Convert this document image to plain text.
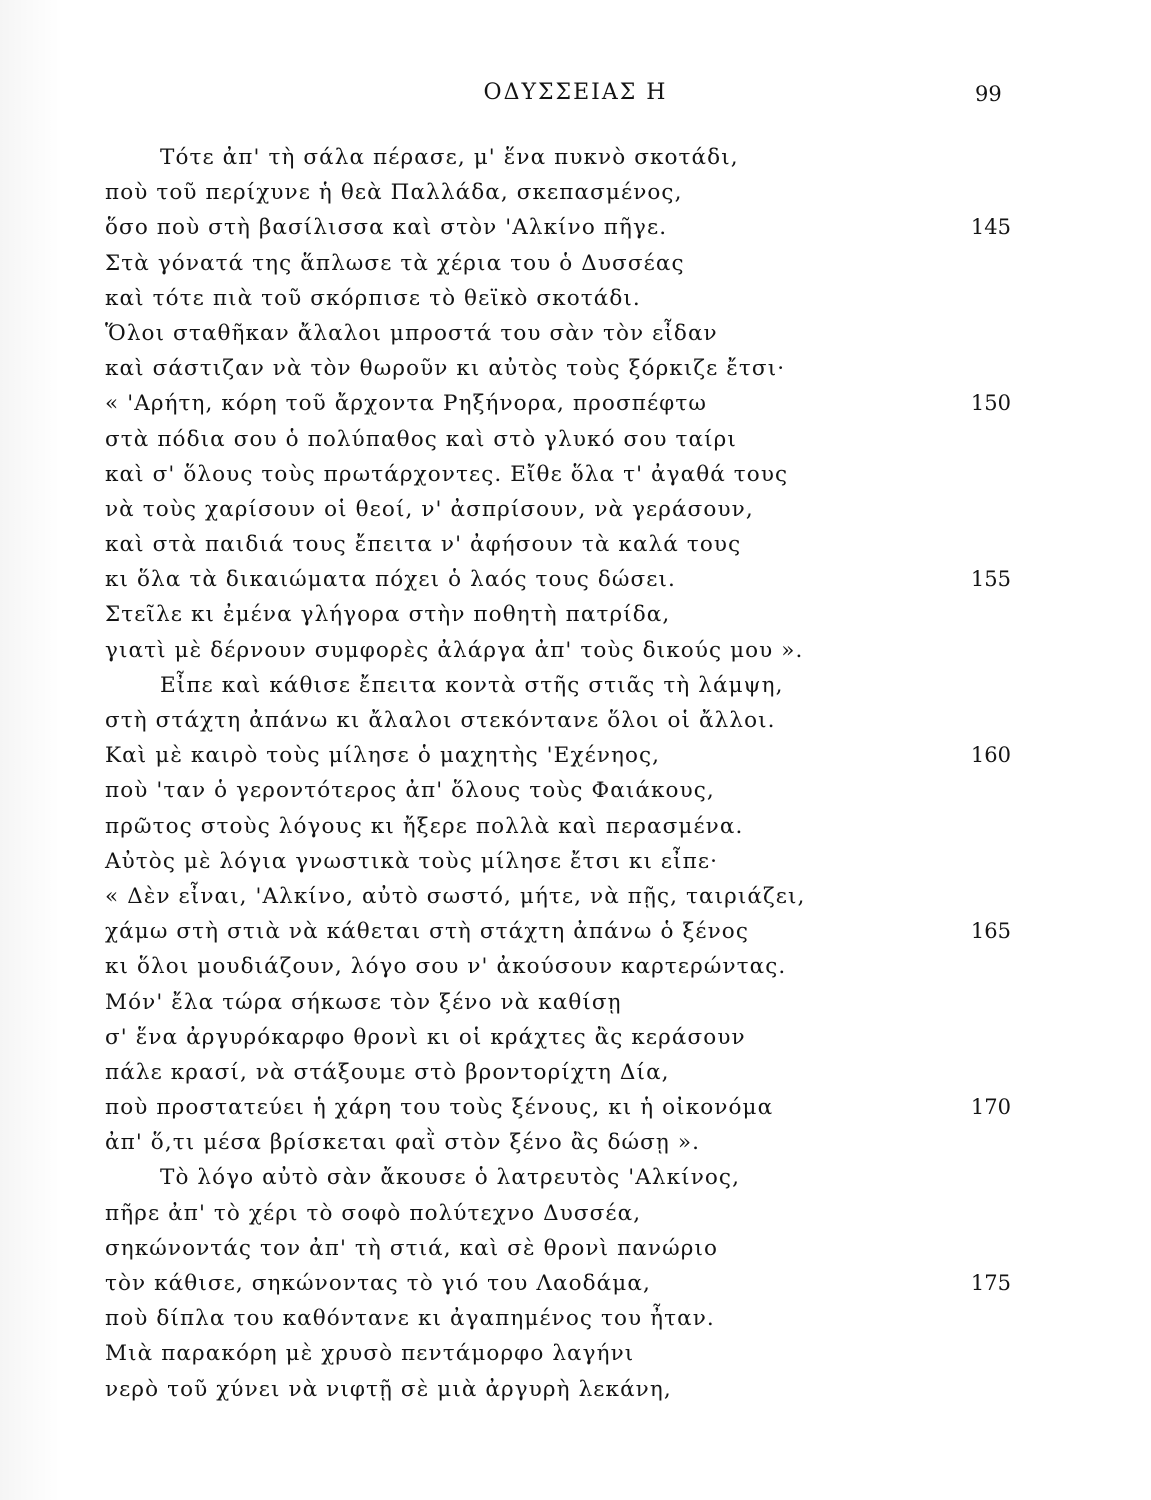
ΟΔΥΣΣΕΙΑΣ Η	99
Τότε ἀπ' τὴ σάλα πέρασε, μ' ἕνα πυκνὸ σκοτάδι,
ποὺ τοῦ περίχυνε ἡ θεὰ Παλλάδα, σκεπασμένος,
ὅσο ποὺ στὴ βασίλισσα καὶ στὸν 'Αλκίνο πῆγε.	145
Στὰ γόνατά της ἅπλωσε τὰ χέρια του ὁ Δυσσέας
καὶ τότε πιὰ τοῦ σκόρπισε τὸ θεϊκὸ σκοτάδι.
Ὅλοι σταθῆκαν ἄλαλοι μπροστά του σὰν τὸν εἶδαν
καὶ σάστιζαν νὰ τὸν θωροῦν κι αὐτὸς τοὺς ξόρκιζε ἔτσι·
« 'Αρήτη, κόρη τοῦ ἄρχοντα Ρηξήνορα, προσπέφτω	150
στὰ πόδια σου ὁ πολύπαθος καὶ στὸ γλυκό σου ταίρι
καὶ σ' ὅλους τοὺς πρωτάρχοντες. Εἴθε ὅλα τ' ἀγαθά τους
νὰ τοὺς χαρίσουν οἱ θεοί, ν' ἀσπρίσουν, νὰ γεράσουν,
καὶ στὰ παιδιά τους ἔπειτα ν' ἀφήσουν τὰ καλά τους
κι ὅλα τὰ δικαιώματα πόχει ὁ λαός τους δώσει.	155
Στεῖλε κι ἐμένα γλήγορα στὴν ποθητὴ πατρίδα,
γιατὶ μὲ δέρνουν συμφορὲς ἀλάργα ἀπ' τοὺς δικούς μου ».
Εἶπε καὶ κάθισε ἔπειτα κοντὰ στῆς στιᾶς τὴ λάμψη,
στὴ στάχτη ἀπάνω κι ἄλαλοι στεκόντανε ὅλοι οἱ ἄλλοι.
Καὶ μὲ καιρὸ τοὺς μίλησε ὁ μαχητὴς 'Εχένηος,	160
ποὺ 'ταν ὁ γεροντότερος ἀπ' ὅλους τοὺς Φαιάκους,
πρῶτος στοὺς λόγους κι ἤξερε πολλὰ καὶ περασμένα.
Αὐτὸς μὲ λόγια γνωστικὰ τοὺς μίλησε ἔτσι κι εἶπε·
« Δὲν εἶναι, 'Αλκίνο, αὐτὸ σωστό, μήτε, νὰ πῇς, ταιριάζει,
χάμω στὴ στιὰ νὰ κάθεται στὴ στάχτη ἀπάνω ὁ ξένος	165
κι ὅλοι μουδιάζουν, λόγο σου ν' ἀκούσουν καρτερώντας.
Μόν' ἔλα τώρα σήκωσε τὸν ξένο νὰ καθίσῃ
σ' ἕνα ἀργυρόκαρφο θρονὶ κι οἱ κράχτες ἂς κεράσουν
πάλε κρασί, νὰ στάξουμε στὸ βροντορίχτη Δία,
ποὺ προστατεύει ἡ χάρη του τοὺς ξένους, κι ἡ οἰκονόμα	170
ἀπ' ὅ,τι μέσα βρίσκεται φαῒ στὸν ξένο ἂς δώσῃ ».
Τὸ λόγο αὐτὸ σὰν ἄκουσε ὁ λατρευτὸς 'Αλκίνος,
πῆρε ἀπ' τὸ χέρι τὸ σοφὸ πολύτεχνο Δυσσέα,
σηκώνοντάς τον ἀπ' τὴ στιά, καὶ σὲ θρονὶ πανώριο
τὸν κάθισε, σηκώνοντας τὸ γιό του Λαοδάμα,	175
ποὺ δίπλα του καθόντανε κι ἀγαπημένος του ἦταν.
Μιὰ παρακόρη μὲ χρυσὸ πεντάμορφο λαγήνι
νερὸ τοῦ χύνει νὰ νιφτῇ σὲ μιὰ ἀργυρὴ λεκάνη,
